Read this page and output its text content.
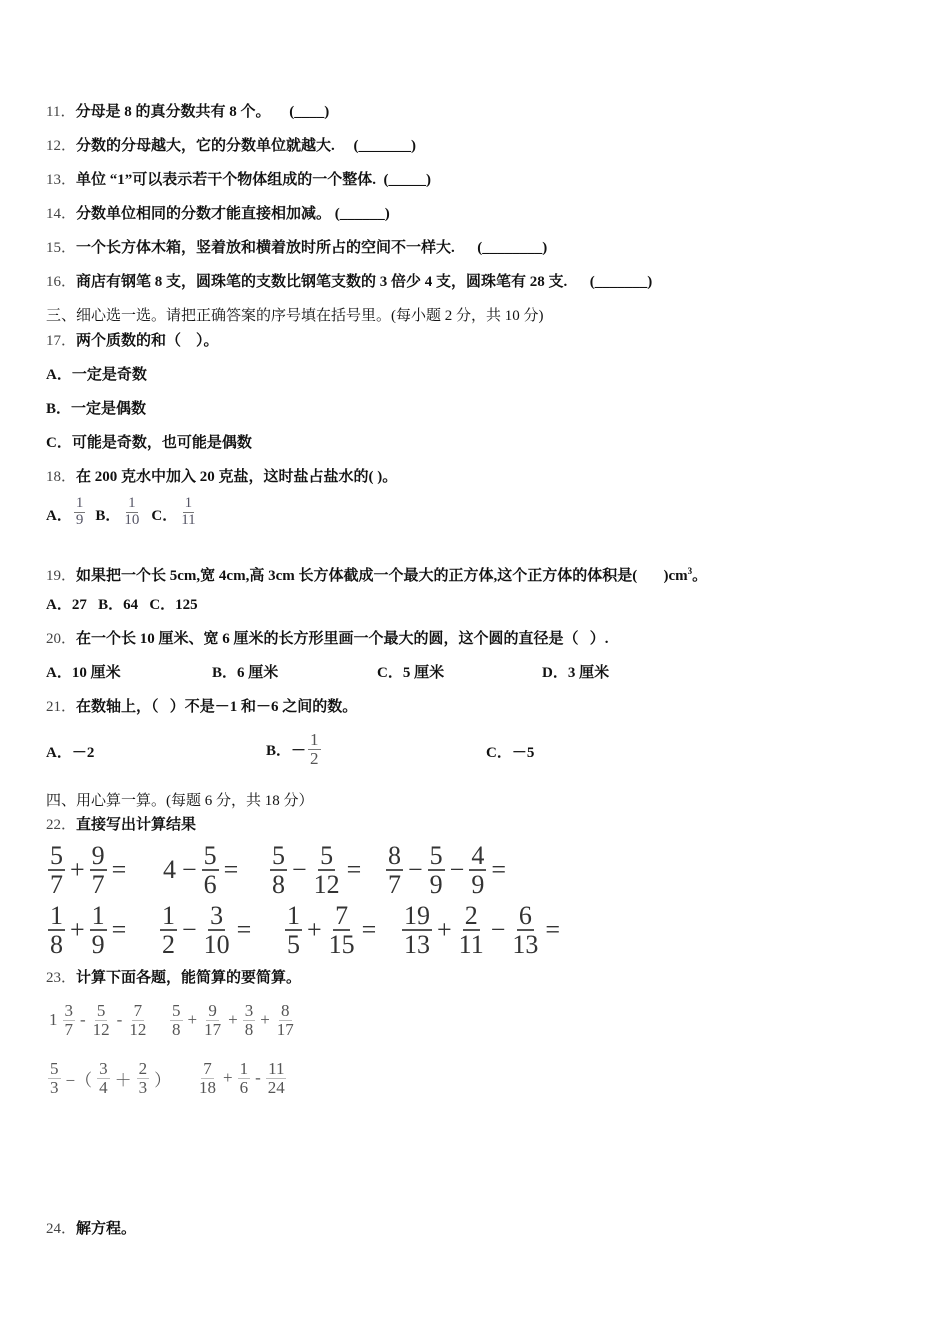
11．分母是 8 的真分数共有 8 个。     (____)
12．分数的分母越大，它的分数单位就越大.     (_______)
13．单位 “1”可以表示若干个物体组成的一个整体.  (_____)
14．分数单位相同的分数才能直接相加减。 (______)
15．一个长方体木箱，竖着放和横着放时所占的空间不一样大.      (________)
16．商店有钢笔 8 支，圆珠笔的支数比钢笔支数的 3 倍少 4 支，圆珠笔有 28 支.      (_______)
三、细心选一选。请把正确答案的序号填在括号里。(每小题 2 分，共 10 分)
17．两个质数的和（    ）。
A．一定是奇数
B．一定是偶数
C．可能是奇数，也可能是偶数
18．在 200 克水中加入 20 克盐，这时盐占盐水的( )。
A． $\frac{1}{9}$ B． $\frac{1}{10}$ C． $\frac{1}{11}$
19．如果把一个长 5cm,宽 4cm,高 3cm 长方体截成一个最大的正方体,这个正方体的体积是(       )$cm^3$。
A．27   B．64   C．125
20．在一个长 10 厘米、宽 6 厘米的长方形里画一个最大的圆，这个圆的直径是（   ）.
A．10 厘米	B．6 厘米	C．5 厘米	D．3 厘米
21．在数轴上，（   ）不是－1 和－6 之间的数。
A．－2	B．－ $\frac{1}{2}$	C．－5
四、用心算一算。(每题 6 分，共 18 分）
22．直接写出计算结果
$\frac{5}{7} + \frac{9}{7} = 4 - \frac{5}{6} = \frac{5}{8} - \frac{5}{12} = \frac{8}{7} - \frac{5}{9} - \frac{4}{9}$ =
$\frac{1}{8} + \frac{1}{9} = \frac{1}{2} - \frac{3}{10} = \frac{1}{5} + \frac{7}{15} = \frac{19}{13} + \frac{2}{11} - \frac{6}{13}$ =
23．计算下面各题，能简算的要简算。
$1 \frac{3}{7} - \frac{5}{12} - \frac{7}{12} \frac{5}{8} + \frac{9}{17} + \frac{3}{8} + \frac{8}{17}$
$\frac{5}{3}$ −（ $\frac{3}{4} + \frac{2}{3}$ ） $\frac{7}{18} + \frac{1}{6} - \frac{11}{24}$
24．解方程。
